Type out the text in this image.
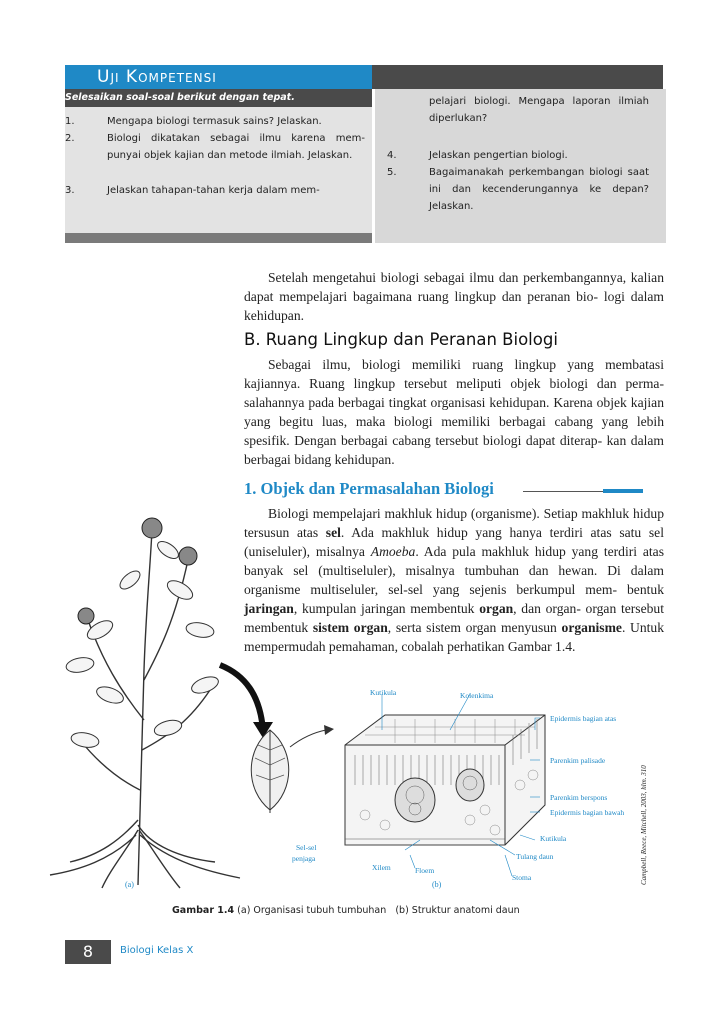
Uji Kompetensi
Selesaikan soal-soal berikut dengan tepat.
1.	Mengapa biologi termasuk sains? Jelaskan.
2.	Biologi dikatakan sebagai ilmu karena mem- punyai objek kajian dan metode ilmiah. Jelaskan.
3.	Jelaskan tahapan-tahan kerja dalam mem-
pelajari biologi. Mengapa laporan ilmiah diperlukan?
4.	Jelaskan pengertian biologi.
5.	Bagaimanakah perkembangan biologi saat ini dan kecenderungannya ke depan? Jelaskan.

Setelah mengetahui biologi sebagai ilmu dan perkembangannya, kalian dapat mempelajari bagaimana ruang lingkup dan peranan bio- logi dalam kehidupan.

B. Ruang Lingkup dan Peranan Biologi

Sebagai ilmu, biologi memiliki ruang lingkup yang membatasi kajiannya. Ruang lingkup tersebut meliputi objek biologi dan perma- salahannya pada berbagai tingkat organisasi kehidupan. Karena objek kajian yang begitu luas, maka biologi memiliki berbagai cabang yang lebih spesifik. Dengan berbagai cabang tersebut biologi dapat diterap- kan dalam berbagai bidang kehidupan.

1. Objek dan Permasalahan Biologi

Biologi mempelajari makhluk hidup (organisme). Setiap makhluk hidup tersusun atas sel. Ada makhluk hidup yang hanya terdiri atas satu sel (uniseluler), misalnya Amoeba. Ada pula makhluk hidup yang terdiri atas banyak sel (multiseluler), misalnya tumbuhan dan hewan. Di dalam organisme multiseluler, sel-sel yang sejenis berkumpul mem- bentuk jaringan, kumpulan jaringan membentuk organ, dan organ- organ tersebut membentuk sistem organ, serta sistem organ menyusun organisme. Untuk mempermudah pemahaman, cobalah perhatikan Gambar 1.4.

Kutikula	Kolenkima
Epidermis bagian atas
Parenkim palisade
Parenkim berspons
Epidermis bagian bawah
Kutikula
Tulang daun
Stoma
Sel-sel
penjaga
Xilem	Floem
(a)	(b)
Gambar 1.4 (a) Organisasi tubuh tumbuhan (b) Struktur anatomi daun
Campbell, Reece, Mitchell, 2003, hlm. 310
8	Biologi Kelas X
